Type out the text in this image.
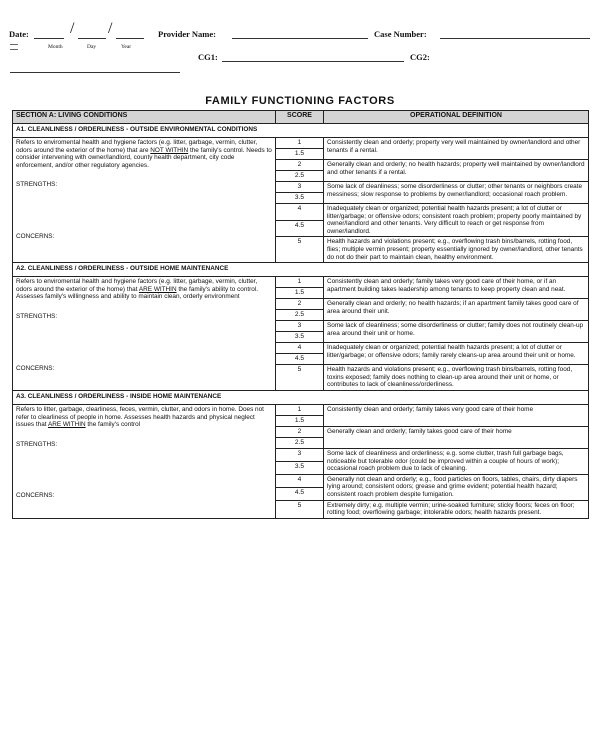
Date:	/ /
Month	Day	Year
Provider Name:	Case Number:
CG1:	CG2:
FAMILY FUNCTIONING FACTORS
SECTION A: LIVING CONDITIONS	SCORE	OPERATIONAL DEFINITION
A1. CLEANLINESS / ORDERLINESS - OUTSIDE ENVIRONMENTAL CONDITIONS		

Refers to enviromental health and hygiene factors (e.g. litter, garbage, vermin, clutter, odors around the exterior of the home) that are NOT WITHIN the family's control. Needs to consider intervening with owner/landlord, county health department, city code enforcement, and/or other regulatory agencies.
STRENGTHS:
CONCERNS:	1	Consistently clean and orderly; property very well maintained by owner/landlord and other tenants if a rental.
	1.5	
	2	Generally clean and orderly; no health hazards; property well maintained by owner/landlord and other tenants if a rental.
	2.5	
	3	Some lack of cleanliness; some disorderliness or clutter; other tenants or neighbors create messiness; slow response to problems by owner/landlord; occasional roach problem.
	3.5	
	4	Inadequately clean or organized; potential health hazards present; a lot of clutter or litter/garbage; or offensive odors; consistent roach problem; property poorly maintained by owner/landlord and other tenants. Very difficult to reach or get response from owner/landlord.
	4.5	
	5	Health hazards and violations present; e.g., overflowing trash bins/barrels, rotting food, flies; multiple vermin present; property essentially ignored by owner/landlord, other tenants do not do their part to maintain clean, healthy environment.
A2. CLEANLINESS / ORDERLINESS - OUTSIDE HOME MAINTENANCE		

Refers to enviromental health and hygiene factors (e.g. litter, garbage, vermin, clutter, odors around the exterior of the home) that ARE WITHIN the family's ability to control. Assesses family's willingness and ability to maintain clean, orderly environment
STRENGTHS:
CONCERNS:	1	Consistently clean and orderly; family takes very good care of their home, or if an apartment building takes leadership among tenants to keep property clean and neat.
	1.5	
	2	Generally clean and orderly; no health hazards; if an apartment family takes good care of area around their unit.
	2.5	
	3	Some lack of cleanliness; some disorderliness or clutter; family does not routinely clean-up area around their unit or home.
	3.5	
	4	Inadequately clean or organized; potential health hazards present; a lot of clutter or litter/garbage; or offensive odors; family rarely cleans-up area around their unit or home.
	4.5	
	5	Health hazards and violations present; e.g., overflowing trash bins/barrels, rotting food, toxins exposed; family does nothing to clean-up area around their unit or home, or contributes to lack of cleanliness/orderliness.
A3. CLEANLINESS / ORDERLINESS - INSIDE HOME MAINTENANCE		

Refers to litter, garbage, clearliness, feces, vermin, clutter, and odors in home. Does not refer to clearliness of people in home. Assesses health hazards and physical neglect issues that ARE WITHIN the family's control
STRENGTHS:
CONCERNS:	1	Consistently clean and orderly; family takes very good care of their home
	1.5	
	2	Generally clean and orderly; family takes good care of their home
	2.5	
	3	Some lack of cleanliness and orderliness; e.g. some clutter, trash full garbage bags, noticeable but tolerable odor (could be improved within a couple of hours of work); occasional roach problem due to lack of cleaning.
	3.5	
	4	Generally not clean and orderly; e.g., food particles on floors, tables, chairs, dirty diapers lying around; consistent odors; grease and grime evident; potential health hazard; consistent roach problem despite fumigation.
	4.5	
	5	Extremely dirty; e.g. multiple vermin; urine-soaked furniture; sticky floors; feces on floor; rotting food; overflowing garbage; intolerable odors; health hazards present.
